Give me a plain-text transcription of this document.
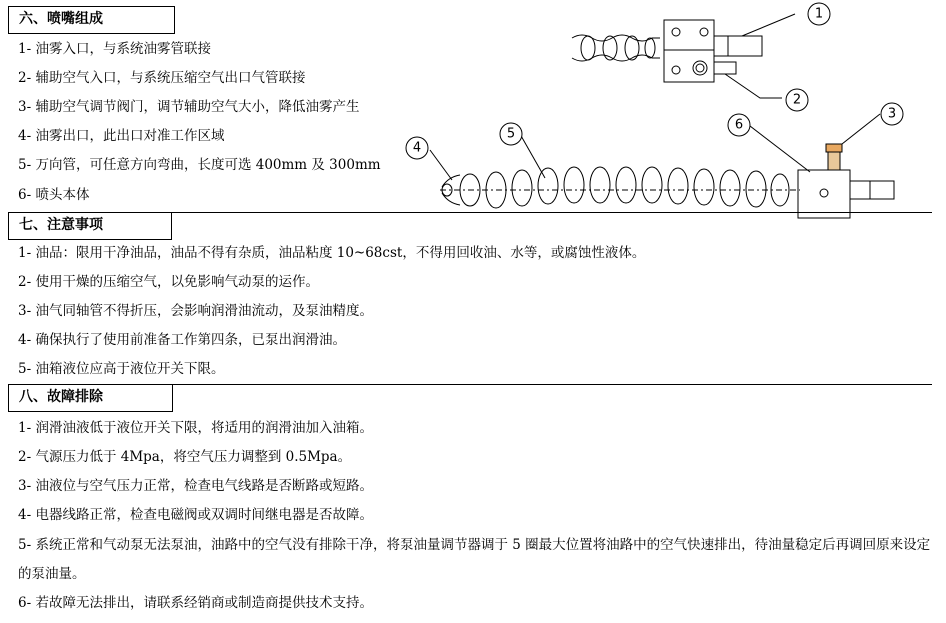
六、喷嘴组成
1- 油雾入口，与系统油雾管联接
2- 辅助空气入口，与系统压缩空气出口气管联接
3- 辅助空气调节阀门，调节辅助空气大小，降低油雾产生
4- 油雾出口，此出口对准工作区域
5- 万向管，可任意方向弯曲，长度可选 400mm 及 300mm
6- 喷头本体
七、注意事项
1- 油品：限用干净油品，油品不得有杂质，油品粘度 10~68cst，不得用回收油、水等，或腐蚀性液体。
2- 使用干燥的压缩空气，以免影响气动泵的运作。
3- 油气同轴管不得折压，会影响润滑油流动，及泵油精度。
4- 确保执行了使用前准备工作第四条，已泵出润滑油。
5- 油箱液位应高于液位开关下限。
八、故障排除
1- 润滑油液低于液位开关下限，将适用的润滑油加入油箱。
2- 气源压力低于 4Mpa，将空气压力调整到 0.5Mpa。
3- 油液位与空气压力正常，检查电气线路是否断路或短路。
4- 电器线路正常，检查电磁阀或双调时间继电器是否故障。
5- 系统正常和气动泵无法泵油，油路中的空气没有排除干净，将泵油量调节器调于 5 圈最大位置将油路中的空气快速排出，待油量稳定后再调回原来设定的泵油量。
6- 若故障无法排出，请联系经销商或制造商提供技术支持。
1
2
3
4
5
6
